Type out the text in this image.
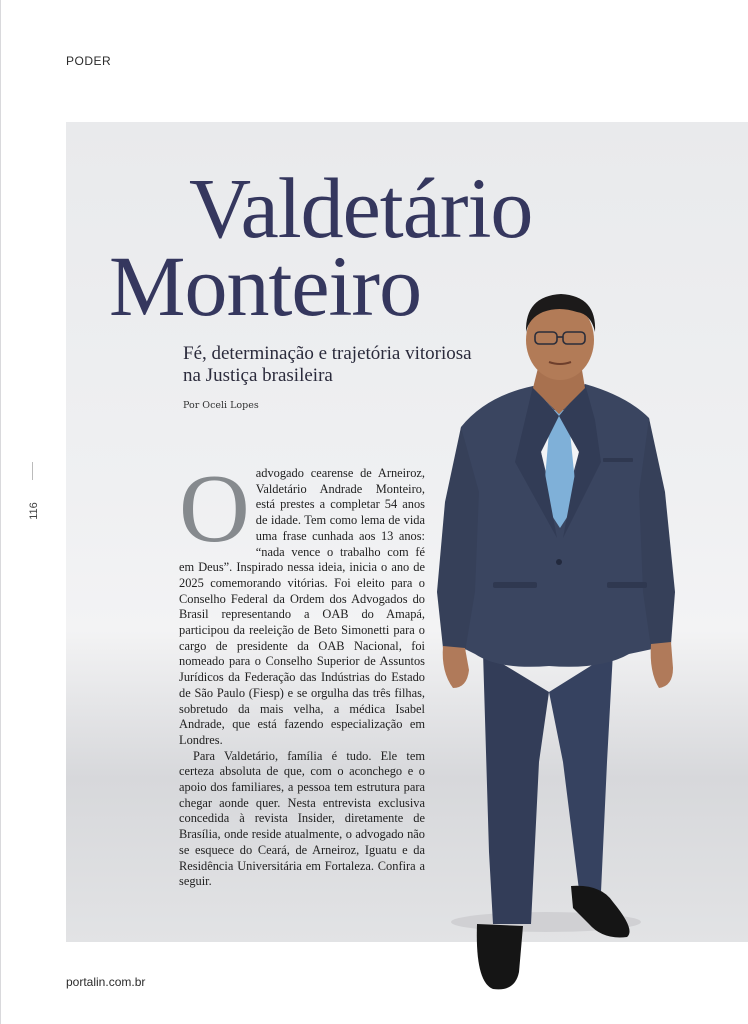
PODER
116
Valdetário
Monteiro
Fé, determinação e trajetória vitoriosa na Justiça brasileira
Por Oceli Lopes

Oadvogado cearense de Arneiroz, Valdetário Andrade Monteiro, está prestes a completar 54 anos de idade. Tem como lema de vida uma frase cunhada aos 13 anos: “nada vence o trabalho com fé em Deus”. Inspirado nessa ideia, inicia o ano de 2025 comemorando vitórias. Foi eleito para o Conselho Federal da Ordem dos Advogados do Brasil representando a OAB do Amapá, participou da reeleição de Beto Simonetti para o cargo de presidente da OAB Nacional, foi nomeado para o Conselho Superior de Assuntos Jurídicos da Federação das Indústrias do Estado de São Paulo (Fiesp) e se orgulha das três filhas, sobretudo da mais velha, a médica Isabel Andrade, que está fazendo especialização em Londres.

Para Valdetário, família é tudo. Ele tem certeza absoluta de que, com o aconchego e o apoio dos familiares, a pessoa tem estrutura para chegar aonde quer. Nesta entrevista exclusiva concedida à revista Insider, diretamente de Brasília, onde reside atualmente, o advogado não se esquece do Ceará, de Arneiroz, Iguatu e da Residência Universitária em Fortaleza. Confira a seguir.

portalin.com.br
